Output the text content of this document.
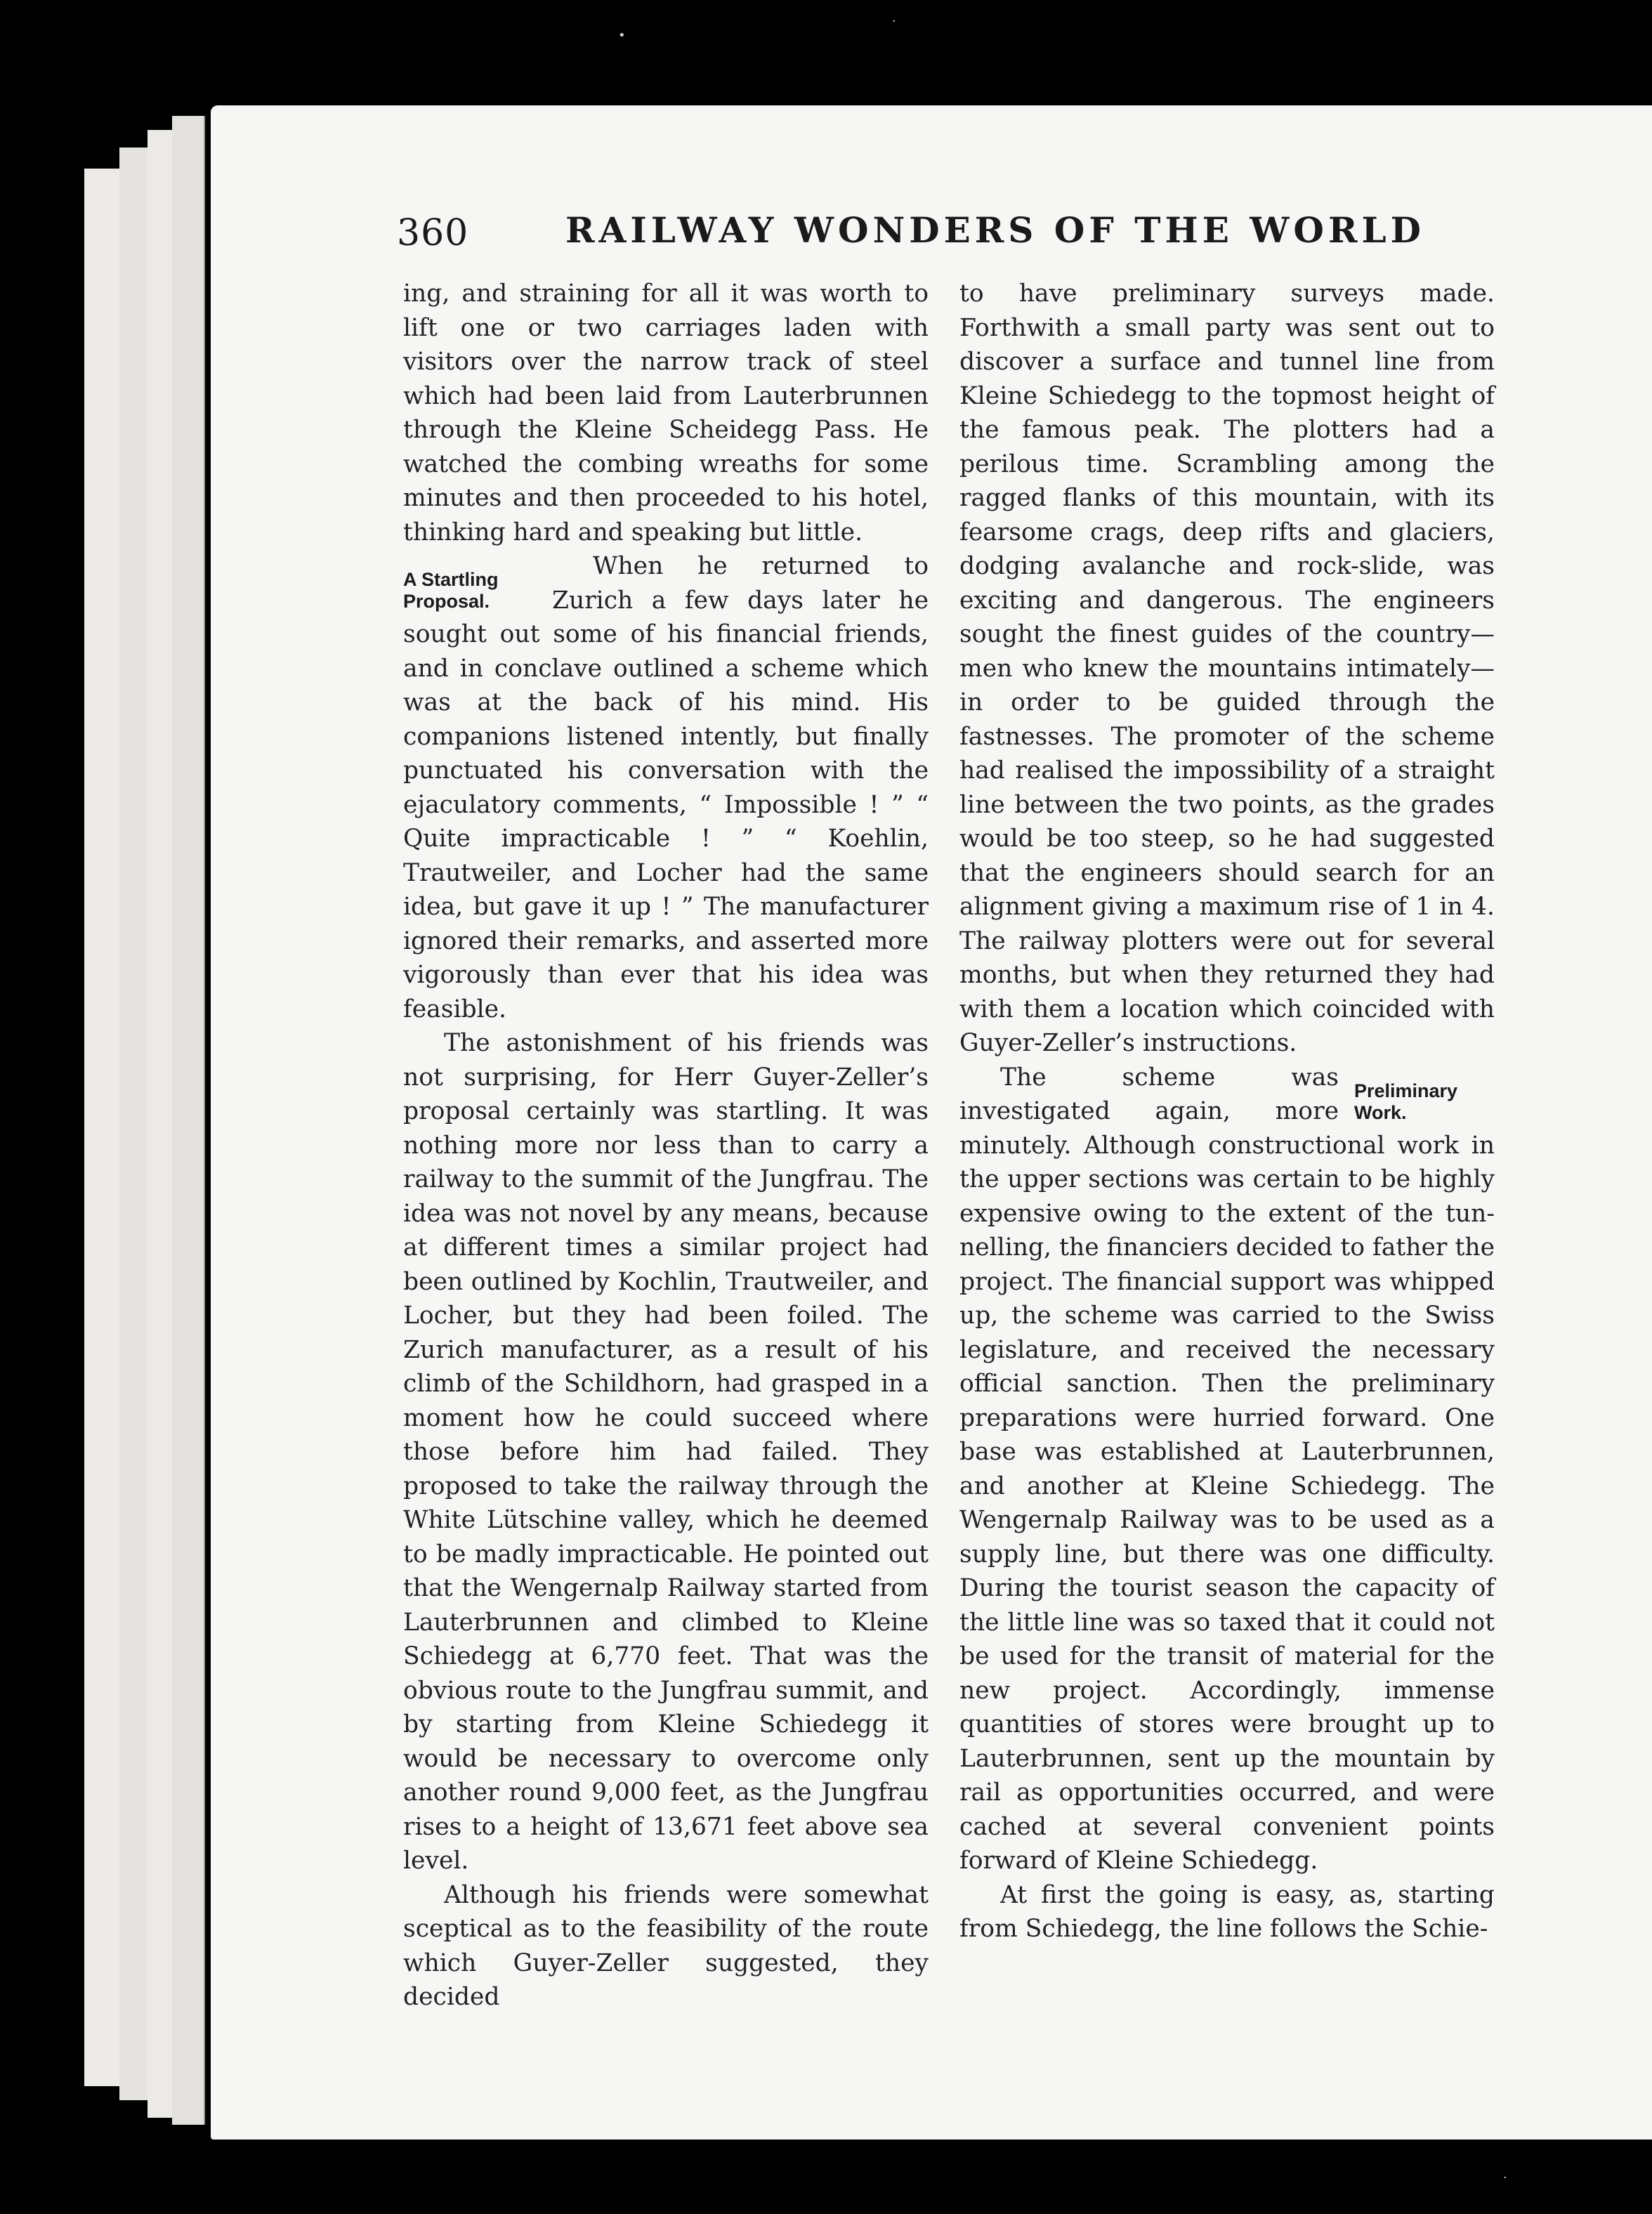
•
·
·
360	RAILWAY WONDERS OF THE WORLD

ing, and straining for all it was worth to lift one or two carriages laden with visitors over the narrow track of steel which had been laid from Lauterbrunnen through the Kleine Scheidegg Pass. He watched the combing wreaths for some minutes and then proceeded to his hotel, thinking hard and speaking but little.

A Startling Proposal.
When he returned to Zurich a few days later he sought out some of his financial friends, and in conclave outlined a scheme which was at the back of his mind. His companions listened intently, but finally punctuated his conversation with the ejaculatory comments, “ Impossible ! ” “ Quite impracticable ! ” “ Koehlin, Trautweiler, and Locher had the same idea, but gave it up ! ” The manufacturer ignored their remarks, and asserted more vigorously than ever that his idea was feasible.

The astonishment of his friends was not surprising, for Herr Guyer-Zeller’s proposal certainly was startling. It was nothing more nor less than to carry a railway to the summit of the Jungfrau. The idea was not novel by any means, because at different times a similar project had been outlined by Kochlin, Trautweiler, and Locher, but they had been foiled. The Zurich manufacturer, as a result of his climb of the Schildhorn, had grasped in a moment how he could succeed where those before him had failed. They proposed to take the railway through the White Lütschine valley, which he deemed to be madly impracticable. He pointed out that the Wengernalp Railway started from Lauterbrunnen and climbed to Kleine Schiedegg at 6,770 feet. That was the obvious route to the Jungfrau summit, and by starting from Kleine Schiedegg it would be necessary to overcome only another round 9,000 feet, as the Jungfrau rises to a height of 13,671 feet above sea level.

Although his friends were somewhat sceptical as to the feasibility of the route which Guyer-Zeller suggested, they decided

to have preliminary surveys made. Forthwith a small party was sent out to discover a surface and tunnel line from Kleine Schiedegg to the topmost height of the famous peak. The plotters had a perilous time. Scrambling among the ragged flanks of this mountain, with its fearsome crags, deep rifts and glaciers, dodging avalanche and rock-slide, was exciting and dangerous. The engineers sought the finest guides of the country—men who knew the mountains intimately—in order to be guided through the fastnesses. The promoter of the scheme had realised the impossibility of a straight line between the two points, as the grades would be too steep, so he had suggested that the engineers should search for an alignment giving a maximum rise of 1 in 4. The railway plotters were out for several months, but when they returned they had with them a location which coincided with Guyer-Zeller’s instructions.

Preliminary Work.
The scheme was investigated again, more minutely. Although constructional work in the upper sections was certain to be highly expensive owing to the extent of the tun- nelling, the financiers decided to father the project. The financial support was whipped up, the scheme was carried to the Swiss legislature, and received the necessary official sanction. Then the preliminary preparations were hurried forward. One base was established at Lauterbrunnen, and another at Kleine Schiedegg. The Wengernalp Railway was to be used as a supply line, but there was one difficulty. During the tourist season the capacity of the little line was so taxed that it could not be used for the transit of material for the new project. Accordingly, immense quantities of stores were brought up to Lauterbrunnen, sent up the mountain by rail as opportunities occurred, and were cached at several convenient points forward of Kleine Schiedegg.

At first the going is easy, as, starting from Schiedegg, the line follows the Schie-
